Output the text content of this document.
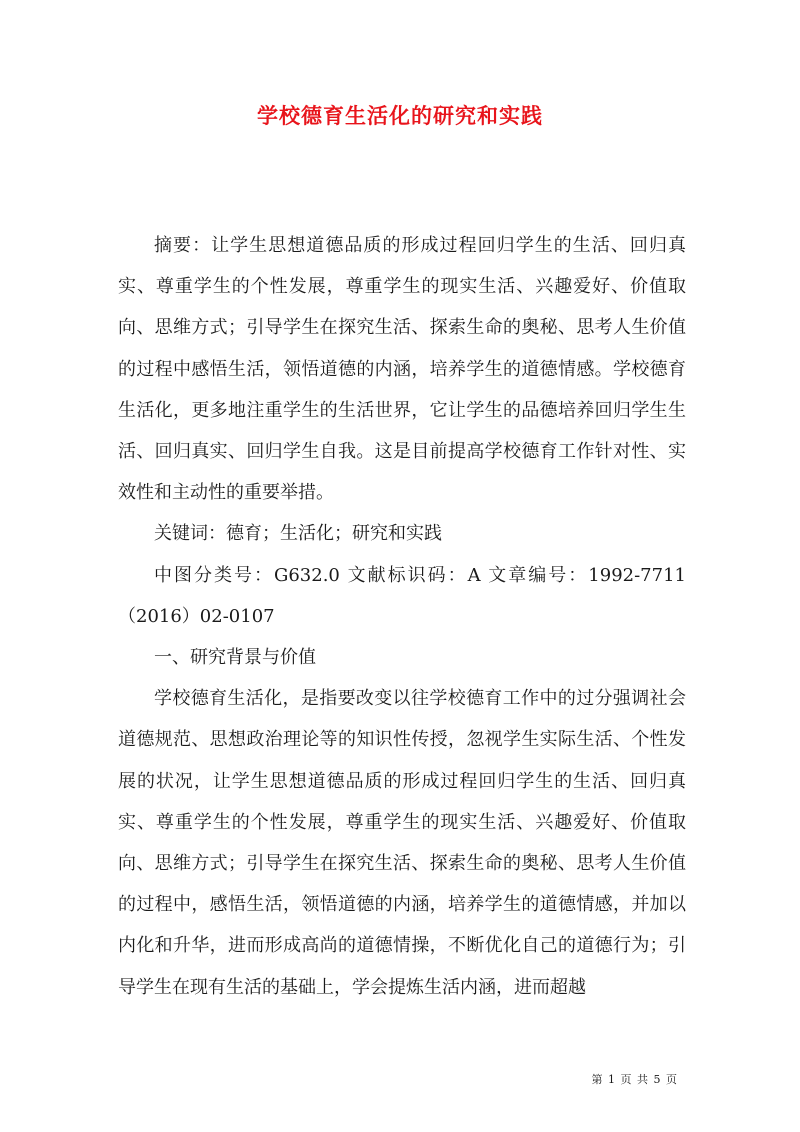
学校德育生活化的研究和实践

摘要：让学生思想道德品质的形成过程回归学生的生活、回归真实、尊重学生的个性发展，尊重学生的现实生活、兴趣爱好、价值取向、思维方式；引导学生在探究生活、探索生命的奥秘、思考人生价值的过程中感悟生活，领悟道德的内涵，培养学生的道德情感。学校德育生活化，更多地注重学生的生活世界，它让学生的品德培养回归学生生活、回归真实、回归学生自我。这是目前提高学校德育工作针对性、实效性和主动性的重要举措。

关键词：德育；生活化；研究和实践

中图分类号：G632.0 文献标识码：A 文章编号：1992-7711（2016）02-0107

一、研究背景与价值

学校德育生活化，是指要改变以往学校德育工作中的过分强调社会道德规范、思想政治理论等的知识性传授，忽视学生实际生活、个性发展的状况，让学生思想道德品质的形成过程回归学生的生活、回归真实、尊重学生的个性发展，尊重学生的现实生活、兴趣爱好、价值取向、思维方式；引导学生在探究生活、探索生命的奥秘、思考人生价值的过程中，感悟生活，领悟道德的内涵，培养学生的道德情感，并加以内化和升华，进而形成高尚的道德情操，不断优化自己的道德行为；引导学生在现有生活的基础上，学会提炼生活内涵，进而超越

第 1 页 共 5 页
